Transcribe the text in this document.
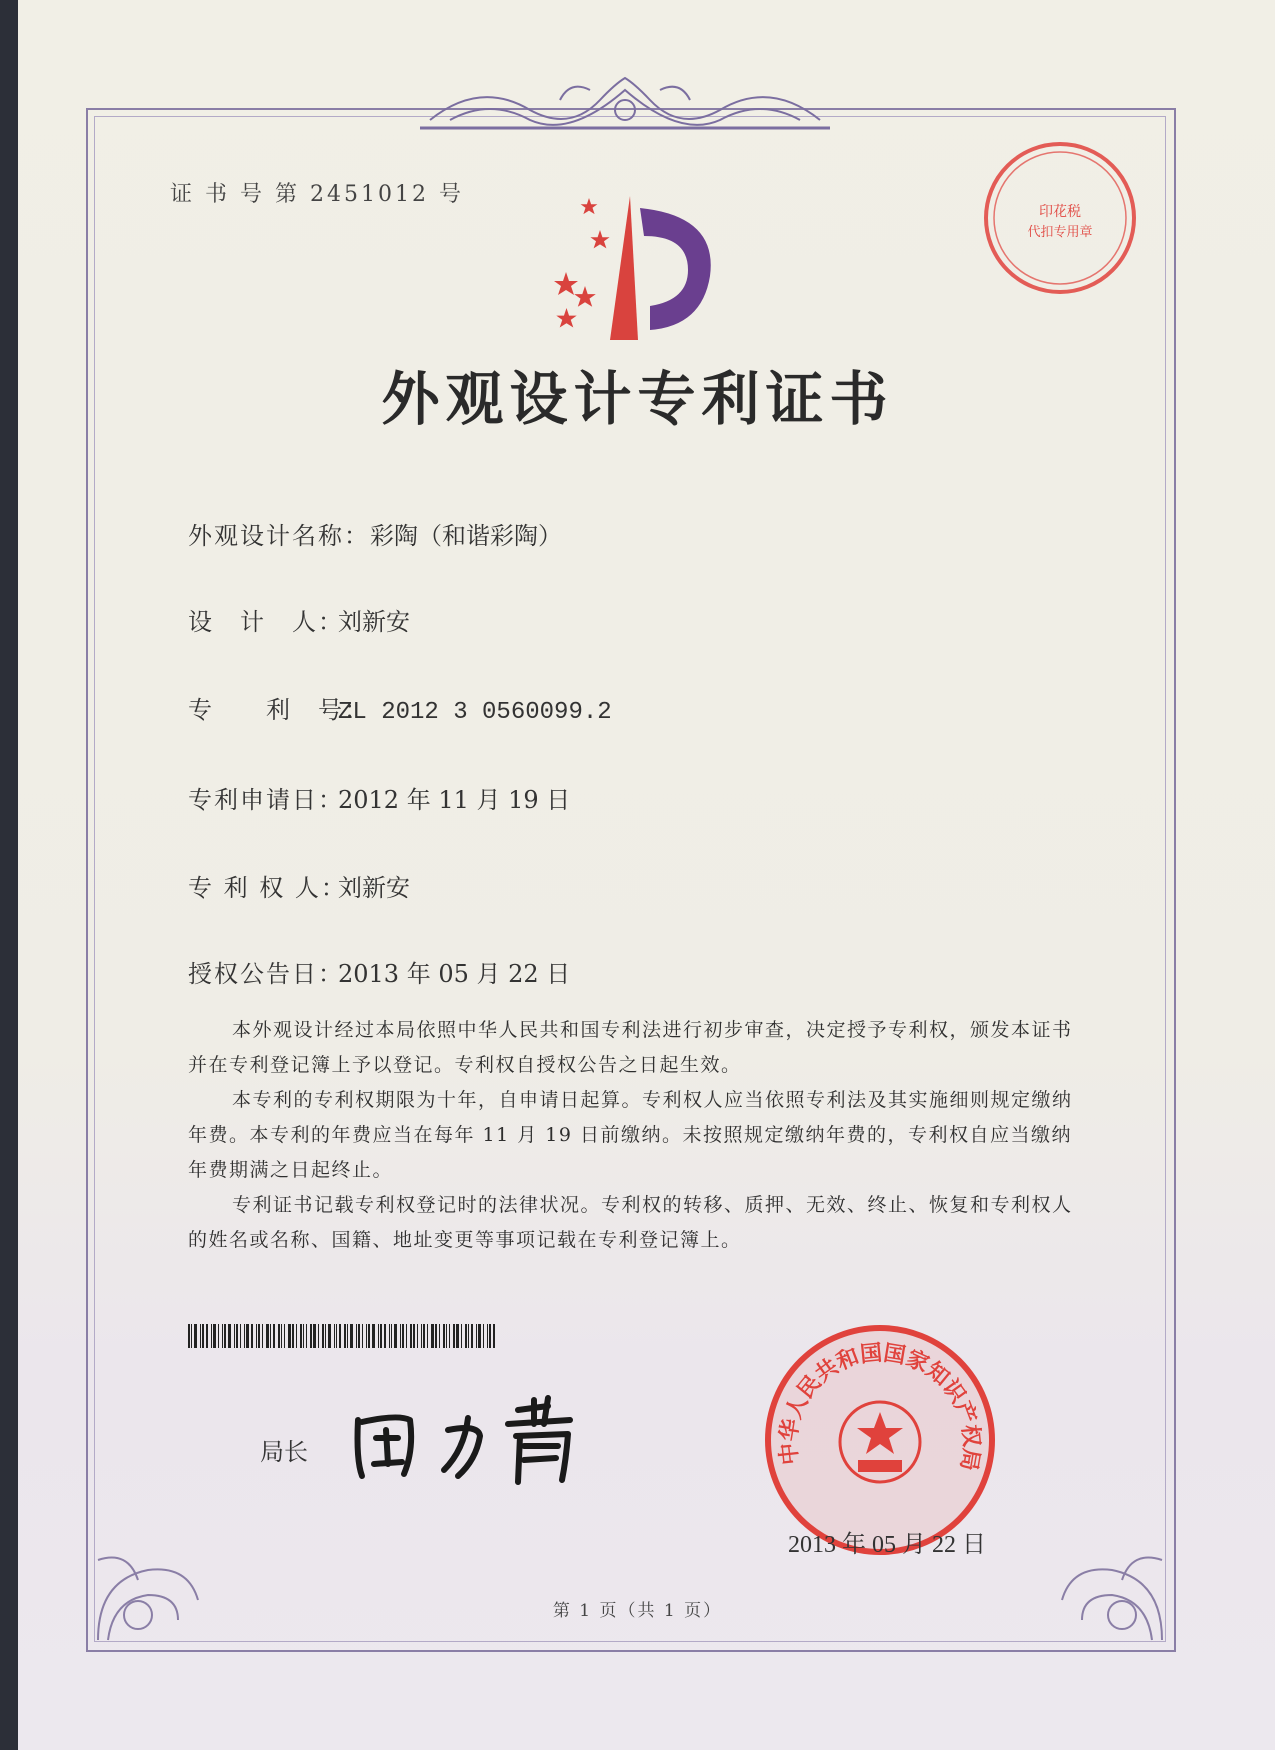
证 书 号 第 2451012 号
印花税
代扣专用章
外观设计专利证书
外观设计名称：彩陶（和谐彩陶）
设　计　人：刘新安
专　　利　号：ZL 2012 3 0560099.2
专利申请日：2012 年 11 月 19 日
专 利 权 人：刘新安
授权公告日：2013 年 05 月 22 日

本外观设计经过本局依照中华人民共和国专利法进行初步审查，决定授予专利权，颁发本证书并在专利登记簿上予以登记。专利权自授权公告之日起生效。

本专利的专利权期限为十年，自申请日起算。专利权人应当依照专利法及其实施细则规定缴纳年费。本专利的年费应当在每年 11 月 19 日前缴纳。未按照规定缴纳年费的，专利权自应当缴纳年费期满之日起终止。

专利证书记载专利权登记时的法律状况。专利权的转移、质押、无效、终止、恢复和专利权人的姓名或名称、国籍、地址变更等事项记载在专利登记簿上。

局长	中华人民共和国国家知识产权局
2013 年 05 月 22 日
第 1 页（共 1 页）
